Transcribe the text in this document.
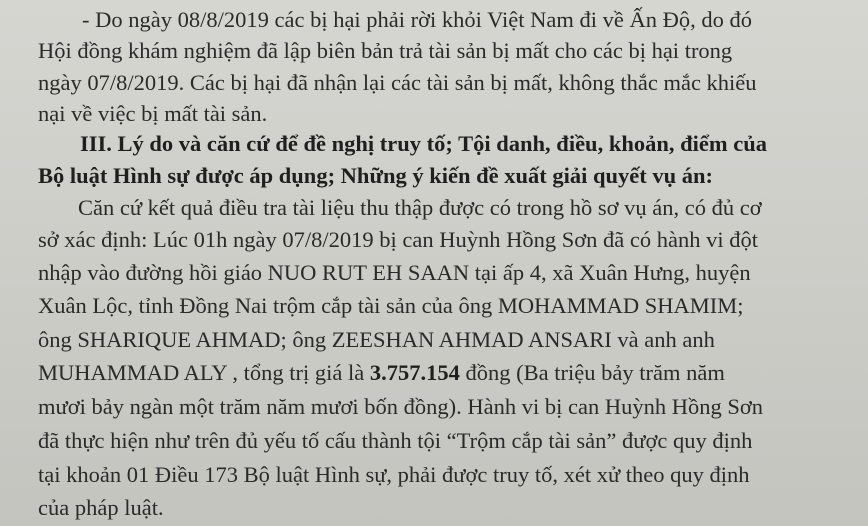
- Do ngày 08/8/2019 các bị hại phải rời khỏi Việt Nam đi về Ấn Độ, do đó
Hội đồng khám nghiệm đã lập biên bản trả tài sản bị mất cho các bị hại trong
ngày 07/8/2019. Các bị hại đã nhận lại các tài sản bị mất, không thắc mắc khiếu
nại về việc bị mất tài sản.
III. Lý do và căn cứ để đề nghị truy tố; Tội danh, điều, khoản, điểm của
Bộ luật Hình sự được áp dụng; Những ý kiến đề xuất giải quyết vụ án:
Căn cứ kết quả điều tra tài liệu thu thập được có trong hồ sơ vụ án, có đủ cơ
sở xác định: Lúc 01h ngày 07/8/2019 bị can Huỳnh Hồng Sơn đã có hành vi đột
nhập vào đường hồi giáo NUO RUT EH SAAN tại ấp 4, xã Xuân Hưng, huyện
Xuân Lộc, tỉnh Đồng Nai trộm cắp tài sản của ông MOHAMMAD SHAMIM;
ông SHARIQUE AHMAD; ông ZEESHAN AHMAD ANSARI và anh anh
MUHAMMAD ALY , tổng trị giá là 3.757.154 đồng (Ba triệu bảy trăm năm
mươi bảy ngàn một trăm năm mươi bốn đồng). Hành vi bị can Huỳnh Hồng Sơn
đã thực hiện như trên đủ yếu tố cấu thành tội “Trộm cắp tài sản” được quy định
tại khoản 01 Điều 173 Bộ luật Hình sự, phải được truy tố, xét xử theo quy định
của pháp luật.
